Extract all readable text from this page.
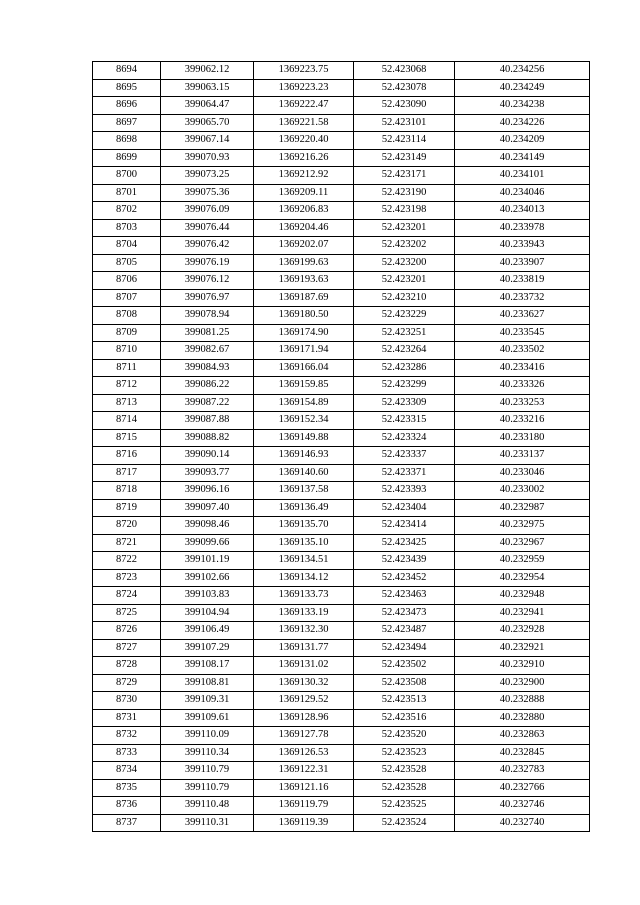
8694	399062.12	1369223.75	52.423068	40.234256
8695	399063.15	1369223.23	52.423078	40.234249
8696	399064.47	1369222.47	52.423090	40.234238
8697	399065.70	1369221.58	52.423101	40.234226
8698	399067.14	1369220.40	52.423114	40.234209
8699	399070.93	1369216.26	52.423149	40.234149
8700	399073.25	1369212.92	52.423171	40.234101
8701	399075.36	1369209.11	52.423190	40.234046
8702	399076.09	1369206.83	52.423198	40.234013
8703	399076.44	1369204.46	52.423201	40.233978
8704	399076.42	1369202.07	52.423202	40.233943
8705	399076.19	1369199.63	52.423200	40.233907
8706	399076.12	1369193.63	52.423201	40.233819
8707	399076.97	1369187.69	52.423210	40.233732
8708	399078.94	1369180.50	52.423229	40.233627
8709	399081.25	1369174.90	52.423251	40.233545
8710	399082.67	1369171.94	52.423264	40.233502
8711	399084.93	1369166.04	52.423286	40.233416
8712	399086.22	1369159.85	52.423299	40.233326
8713	399087.22	1369154.89	52.423309	40.233253
8714	399087.88	1369152.34	52.423315	40.233216
8715	399088.82	1369149.88	52.423324	40.233180
8716	399090.14	1369146.93	52.423337	40.233137
8717	399093.77	1369140.60	52.423371	40.233046
8718	399096.16	1369137.58	52.423393	40.233002
8719	399097.40	1369136.49	52.423404	40.232987
8720	399098.46	1369135.70	52.423414	40.232975
8721	399099.66	1369135.10	52.423425	40.232967
8722	399101.19	1369134.51	52.423439	40.232959
8723	399102.66	1369134.12	52.423452	40.232954
8724	399103.83	1369133.73	52.423463	40.232948
8725	399104.94	1369133.19	52.423473	40.232941
8726	399106.49	1369132.30	52.423487	40.232928
8727	399107.29	1369131.77	52.423494	40.232921
8728	399108.17	1369131.02	52.423502	40.232910
8729	399108.81	1369130.32	52.423508	40.232900
8730	399109.31	1369129.52	52.423513	40.232888
8731	399109.61	1369128.96	52.423516	40.232880
8732	399110.09	1369127.78	52.423520	40.232863
8733	399110.34	1369126.53	52.423523	40.232845
8734	399110.79	1369122.31	52.423528	40.232783
8735	399110.79	1369121.16	52.423528	40.232766
8736	399110.48	1369119.79	52.423525	40.232746
8737	399110.31	1369119.39	52.423524	40.232740
